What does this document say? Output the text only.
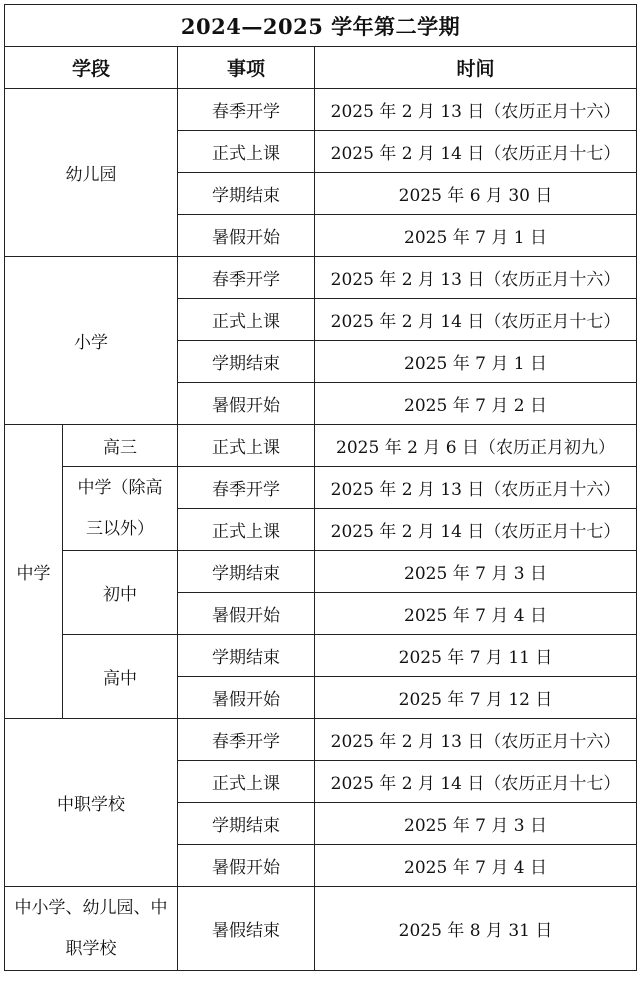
2024—2025 学年第二学期			
学段		事项	时间
幼儿园		春季开学	2025 年 2 月 13 日（农历正月十六）
		正式上课	2025 年 2 月 14 日（农历正月十七）
		学期结束	2025 年 6 月 30 日
		暑假开始	2025 年 7 月 1 日
小学		春季开学	2025 年 2 月 13 日（农历正月十六）
		正式上课	2025 年 2 月 14 日（农历正月十七）
		学期结束	2025 年 7 月 1 日
		暑假开始	2025 年 7 月 2 日
中学	高三	正式上课	2025 年 2 月 6 日（农历正月初九）
	中学（除高三以外）	春季开学	2025 年 2 月 13 日（农历正月十六）
		正式上课	2025 年 2 月 14 日（农历正月十七）
	初中	学期结束	2025 年 7 月 3 日
		暑假开始	2025 年 7 月 4 日
	高中	学期结束	2025 年 7 月 11 日
		暑假开始	2025 年 7 月 12 日
中职学校		春季开学	2025 年 2 月 13 日（农历正月十六）
		正式上课	2025 年 2 月 14 日（农历正月十七）
		学期结束	2025 年 7 月 3 日
		暑假开始	2025 年 7 月 4 日
中小学、幼儿园、中职学校		暑假结束	2025 年 8 月 31 日
